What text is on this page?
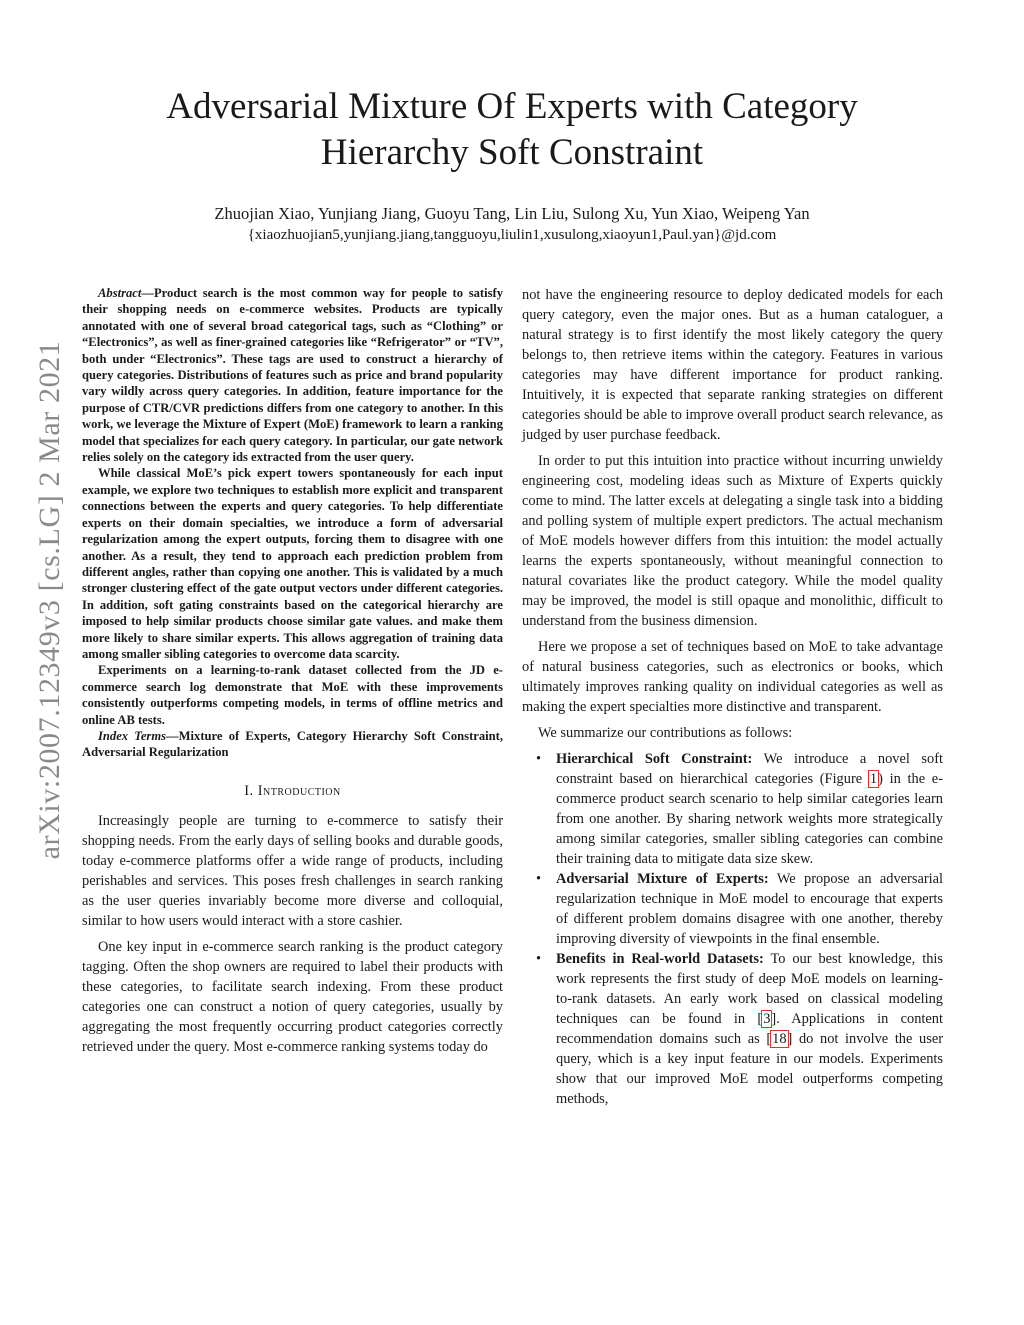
Adversarial Mixture Of Experts with Category
Hierarchy Soft Constraint
Zhuojian Xiao, Yunjiang Jiang, Guoyu Tang, Lin Liu, Sulong Xu, Yun Xiao, Weipeng Yan
{xiaozhuojian5,yunjiang.jiang,tangguoyu,liulin1,xusulong,xiaoyun1,Paul.yan}@jd.com
arXiv:2007.12349v3 [cs.LG] 2 Mar 2021

Abstract—Product search is the most common way for people to satisfy their shopping needs on e-commerce websites. Products are typically annotated with one of several broad categorical tags, such as “Clothing” or “Electronics”, as well as finer-grained categories like “Refrigerator” or “TV”, both under “Electronics”. These tags are used to construct a hierarchy of query categories. Distributions of features such as price and brand popularity vary wildly across query categories. In addition, feature importance for the purpose of CTR/CVR predictions differs from one category to another. In this work, we leverage the Mixture of Expert (MoE) framework to learn a ranking model that specializes for each query category. In particular, our gate network relies solely on the category ids extracted from the user query.

While classical MoE’s pick expert towers spontaneously for each input example, we explore two techniques to establish more explicit and transparent connections between the experts and query categories. To help differentiate experts on their domain specialties, we introduce a form of adversarial regularization among the expert outputs, forcing them to disagree with one another. As a result, they tend to approach each prediction problem from different angles, rather than copying one another. This is validated by a much stronger clustering effect of the gate output vectors under different categories. In addition, soft gating constraints based on the categorical hierarchy are imposed to help similar products choose similar gate values. and make them more likely to share similar experts. This allows aggregation of training data among smaller sibling categories to overcome data scarcity.

Experiments on a learning-to-rank dataset collected from the JD e-commerce search log demonstrate that MoE with these improvements consistently outperforms competing models, in terms of offline metrics and online AB tests.

Index Terms—Mixture of Experts, Category Hierarchy Soft Constraint, Adversarial Regularization
I. Introduction

Increasingly people are turning to e-commerce to satisfy their shopping needs. From the early days of selling books and durable goods, today e-commerce platforms offer a wide range of products, including perishables and services. This poses fresh challenges in search ranking as the user queries invariably become more diverse and colloquial, similar to how users would interact with a store cashier.

One key input in e-commerce search ranking is the product category tagging. Often the shop owners are required to label their products with these categories, to facilitate search indexing. From these product categories one can construct a notion of query categories, usually by aggregating the most frequently occurring product categories correctly retrieved under the query. Most e-commerce ranking systems today do

not have the engineering resource to deploy dedicated models for each query category, even the major ones. But as a human cataloguer, a natural strategy is to first identify the most likely category the query belongs to, then retrieve items within the category. Features in various categories may have different importance for product ranking. Intuitively, it is expected that separate ranking strategies on different categories should be able to improve overall product search relevance, as judged by user purchase feedback.

In order to put this intuition into practice without incurring unwieldy engineering cost, modeling ideas such as Mixture of Experts quickly come to mind. The latter excels at delegating a single task into a bidding and polling system of multiple expert predictors. The actual mechanism of MoE models however differs from this intuition: the model actually learns the experts spontaneously, without meaningful connection to natural covariates like the product category. While the model quality may be improved, the model is still opaque and monolithic, difficult to understand from the business dimension.

Here we propose a set of techniques based on MoE to take advantage of natural business categories, such as electronics or books, which ultimately improves ranking quality on individual categories as well as making the expert specialties more distinctive and transparent.

We summarize our contributions as follows:

• Hierarchical Soft Constraint: We introduce a novel soft constraint based on hierarchical categories (Figure 1) in the e-commerce product search scenario to help similar categories learn from one another. By sharing network weights more strategically among similar categories, smaller sibling categories can combine their training data to mitigate data size skew.
• Adversarial Mixture of Experts: We propose an adversarial regularization technique in MoE model to encourage that experts of different problem domains disagree with one another, thereby improving diversity of viewpoints in the final ensemble.
• Benefits in Real-world Datasets: To our best knowledge, this work represents the first study of deep MoE models on learning-to-rank datasets. An early work based on classical modeling techniques can be found in [3]. Applications in content recommendation domains such as [18] do not involve the user query, which is a key input feature in our models. Experiments show that our improved MoE model outperforms competing methods,
